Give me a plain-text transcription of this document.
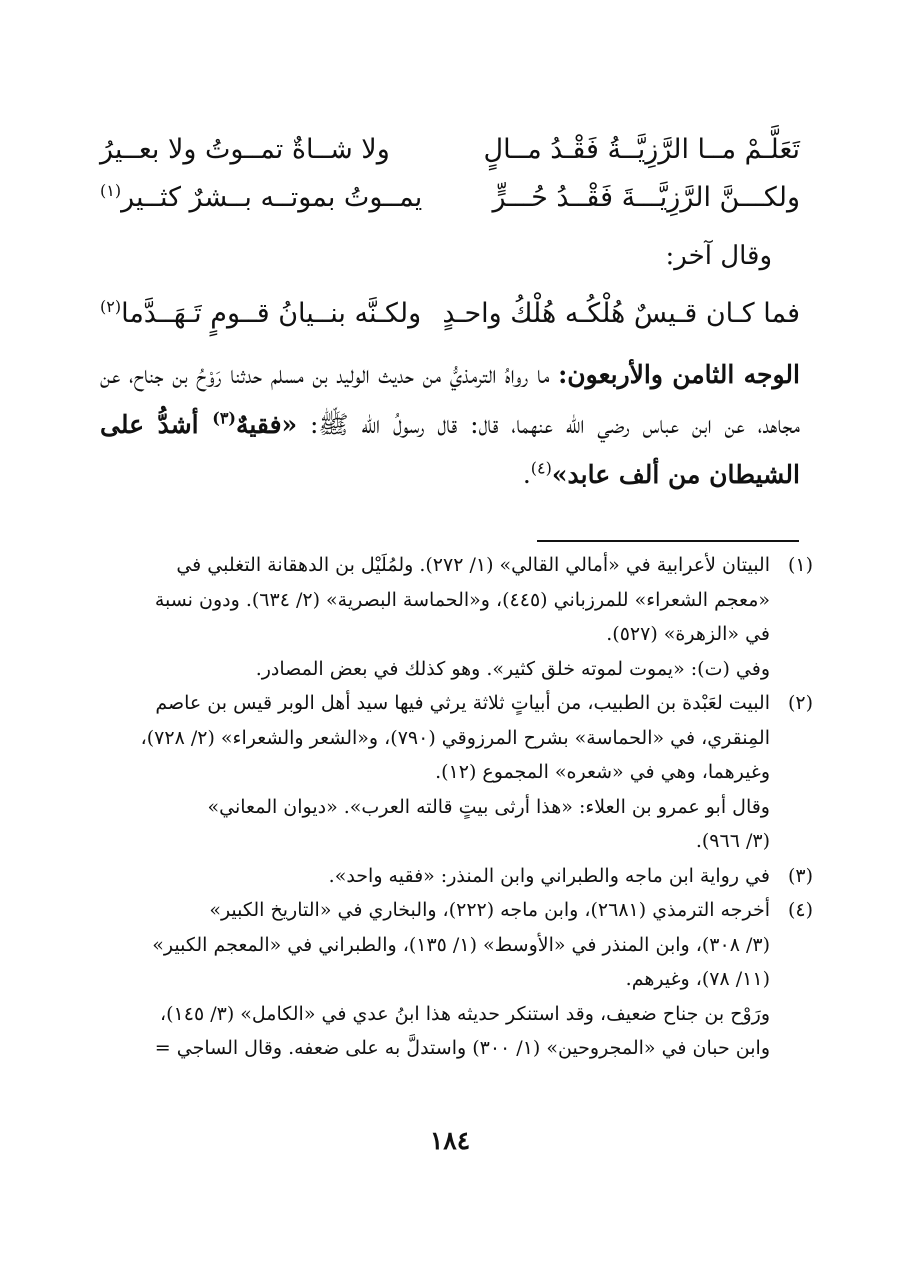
تَعَلَّـمْ مــا الرَّزِيَّــةُ فَقْـدُ مــالٍ
ولا شــاةٌ تمــوتُ ولا بعــيرُ
ولكـــنَّ الرَّزِيَّـــةَ فَقْــدُ حُـــرٍّ
يمــوتُ بموتــه بــشرٌ كثــير$^{(١)}$
وقال آخر:
فما كـان قـيسٌ هُلْكُـه هُلْكُ واحـدٍ
ولكـنَّه بنــيانُ قــومٍ تَـهَــدَّما$^{(٢)}$
الوجه الثامن والأربعون: ما رواهُ الترمذيُّ من حديث الوليد بن مسلم حدثنا رَوْحُ بن جناح، عن مجاهد، عن ابن عباس رضي الله عنهما، قال: قال رسولُ الله ﷺ: «فقيهٌ$^{(٣)}$ أشدُّ على الشيطان من ألف عابد»$^{(٤)}$.
(١)البيتان لأعرابية في «أمالي القالي» (١/ ٢٧٢). ولمُلَيْل بن الدهقانة التغلبي في
«معجم الشعراء» للمرزباني (٤٤٥)، و«الحماسة البصرية» (٢/ ٦٣٤). ودون نسبة
في «الزهرة» (٥٢٧).
وفي (ت): «يموت لموته خلق كثير». وهو كذلك في بعض المصادر.
(٢)البيت لعَبْدة بن الطبيب، من أبياتٍ ثلاثة يرثي فيها سيد أهل الوبر قيس بن عاصم
المِنقري، في «الحماسة» بشرح المرزوقي (٧٩٠)، و«الشعر والشعراء» (٢/ ٧٢٨)،
وغيرهما، وهي في «شعره» المجموع (١٢).
وقال أبو عمرو بن العلاء: «هذا أرثى بيتٍ قالته العرب». «ديوان المعاني»
(٣/ ٩٦٦).
(٣)في رواية ابن ماجه والطبراني وابن المنذر: «فقيه واحد».
(٤)أخرجه الترمذي (٢٦٨١)، وابن ماجه (٢٢٢)، والبخاري في «التاريخ الكبير»
(٣/ ٣٠٨)، وابن المنذر في «الأوسط» (١/ ١٣٥)، والطبراني في «المعجم الكبير»
(١١/ ٧٨)، وغيرهم.
ورَوْح بن جناح ضعيف، وقد استنكر حديثه هذا ابنُ عدي في «الكامل» (٣/ ١٤٥)،
وابن حبان في «المجروحين» (١/ ٣٠٠) واستدلَّ به على ضعفه. وقال الساجي =
١٨٤
